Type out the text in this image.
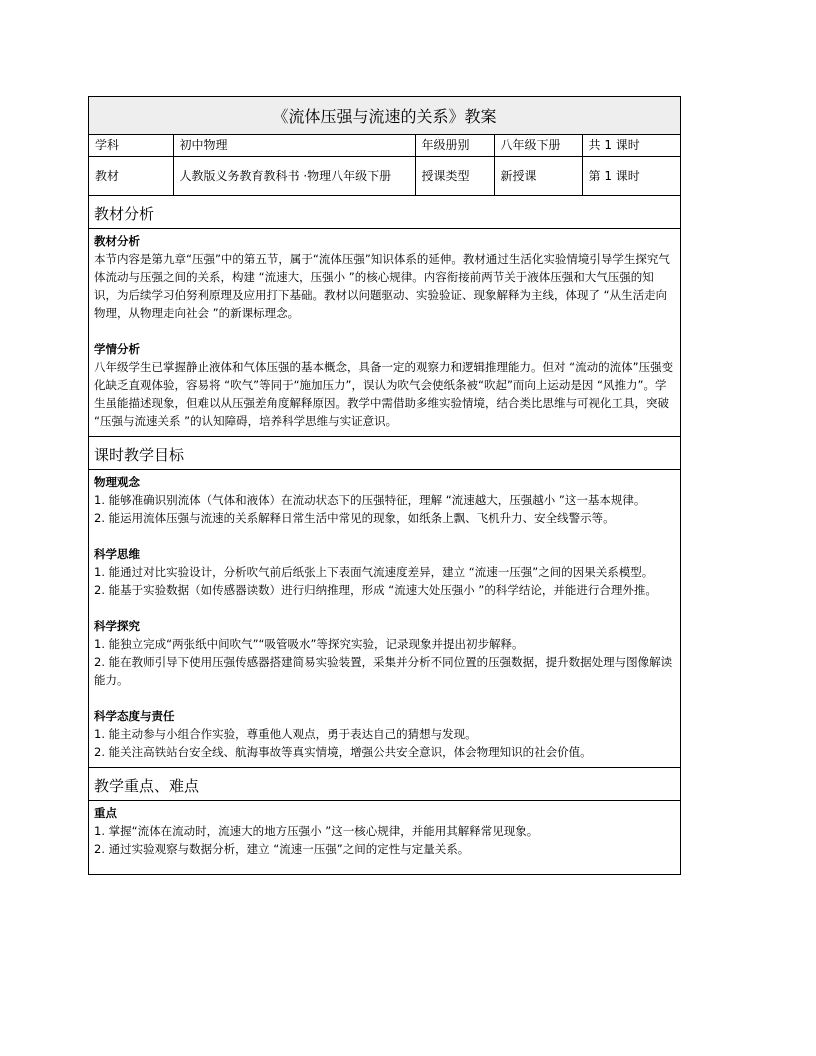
《流体压强与流速的关系》教案
学科	初中物理	年级册别	八年级下册	共 1 课时
教材	人教版义务教育教科书 ·物理八年级下册	授课类型	新授课	第 1 课时
教材分析
教材分析

本节内容是第九章“压强”中的第五节，属于“流体压强”知识体系的延伸。教材通过生活化实验情境引导学生探究气体流动与压强之间的关系，构建 “流速大，压强小 ”的核心规律。内容衔接前两节关于液体压强和大气压强的知识，为后续学习伯努利原理及应用打下基础。教材以问题驱动、实验验证、现象解释为主线，体现了 “从生活走向物理，从物理走向社会 ”的新课标理念。

学情分析

八年级学生已掌握静止液体和气体压强的基本概念，具备一定的观察力和逻辑推理能力。但对 “流动的流体”压强变化缺乏直观体验，容易将 “吹气”等同于“施加压力”，误认为吹气会使纸条被“吹起”而向上运动是因 “风推力”。学生虽能描述现象，但难以从压强差角度解释原因。教学中需借助多维实验情境，结合类比思维与可视化工具，突破 “压强与流速关系 ”的认知障碍，培养科学思维与实证意识。

课时教学目标
物理观念

1. 能够准确识别流体（气体和液体）在流动状态下的压强特征，理解 “流速越大，压强越小 ”这一基本规律。

2. 能运用流体压强与流速的关系解释日常生活中常见的现象，如纸条上飘、飞机升力、安全线警示等。

科学思维

1. 能通过对比实验设计，分析吹气前后纸张上下表面气流速度差异，建立 “流速一压强”之间的因果关系模型。

2. 能基于实验数据（如传感器读数）进行归纳推理，形成 “流速大处压强小 ”的科学结论，并能进行合理外推。

科学探究

1. 能独立完成“两张纸中间吹气”“吸管吸水”等探究实验，记录现象并提出初步解释。

2. 能在教师引导下使用压强传感器搭建简易实验装置，采集并分析不同位置的压强数据，提升数据处理与图像解读能力。

科学态度与责任

1. 能主动参与小组合作实验，尊重他人观点，勇于表达自己的猜想与发现。

2. 能关注高铁站台安全线、航海事故等真实情境，增强公共安全意识，体会物理知识的社会价值。

教学重点、难点
重点

1. 掌握“流体在流动时，流速大的地方压强小 ”这一核心规律，并能用其解释常见现象。

2. 通过实验观察与数据分析，建立 “流速一压强”之间的定性与定量关系。
